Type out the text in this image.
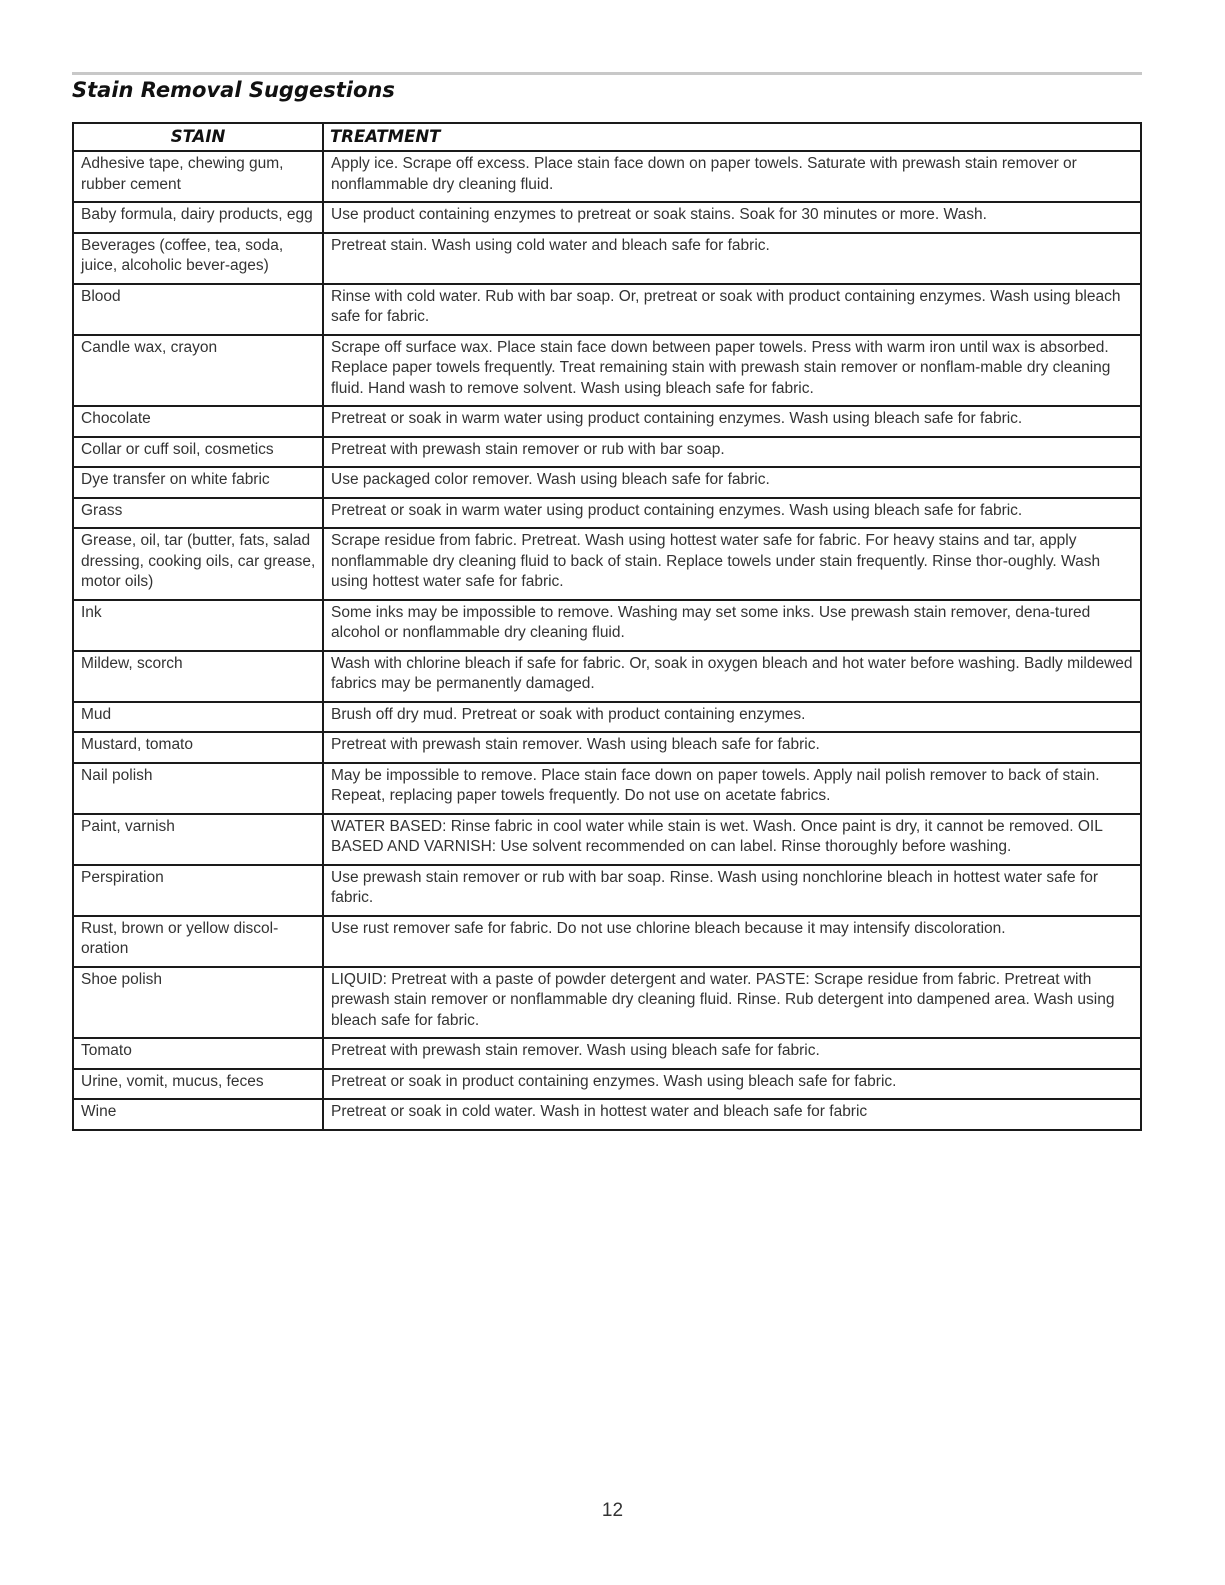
Stain Removal Suggestions
STAIN	TREATMENT
Adhesive tape, chewing gum, rubber cement	Apply ice. Scrape off excess. Place stain face down on paper towels. Saturate with prewash stain remover or nonflammable dry cleaning fluid.
Baby formula, dairy products, egg	Use product containing enzymes to pretreat or soak stains. Soak for 30 minutes or more. Wash.
Beverages (coffee, tea, soda, juice, alcoholic bever-ages)	Pretreat stain. Wash using cold water and bleach safe for fabric.
Blood	Rinse with cold water. Rub with bar soap. Or, pretreat or soak with product containing enzymes. Wash using bleach safe for fabric.
Candle wax, crayon	Scrape off surface wax. Place stain face down between paper towels. Press with warm iron until wax is absorbed. Replace paper towels frequently. Treat remaining stain with prewash stain remover or nonflam-mable dry cleaning fluid. Hand wash to remove solvent. Wash using bleach safe for fabric.
Chocolate	Pretreat or soak in warm water using product containing enzymes. Wash using bleach safe for fabric.
Collar or cuff soil, cosmetics	Pretreat with prewash stain remover or rub with bar soap.
Dye transfer on white fabric	Use packaged color remover. Wash using bleach safe for fabric.
Grass	Pretreat or soak in warm water using product containing enzymes. Wash using bleach safe for fabric.
Grease, oil, tar (butter, fats, salad dressing, cooking oils, car grease, motor oils)	Scrape residue from fabric. Pretreat. Wash using hottest water safe for fabric. For heavy stains and tar, apply nonflammable dry cleaning fluid to back of stain. Replace towels under stain frequently. Rinse thor-oughly. Wash using hottest water safe for fabric.
Ink	Some inks may be impossible to remove. Washing may set some inks. Use prewash stain remover, dena-tured alcohol or nonflammable dry cleaning fluid.
Mildew, scorch	Wash with chlorine bleach if safe for fabric. Or, soak in oxygen bleach and hot water before washing. Badly mildewed fabrics may be permanently damaged.
Mud	Brush off dry mud. Pretreat or soak with product containing enzymes.
Mustard, tomato	Pretreat with prewash stain remover. Wash using bleach safe for fabric.
Nail polish	May be impossible to remove. Place stain face down on paper towels. Apply nail polish remover to back of stain. Repeat, replacing paper towels frequently. Do not use on acetate fabrics.
Paint, varnish	WATER BASED: Rinse fabric in cool water while stain is wet. Wash. Once paint is dry, it cannot be removed. OIL BASED AND VARNISH: Use solvent recommended on can label. Rinse thoroughly before washing.
Perspiration	Use prewash stain remover or rub with bar soap. Rinse. Wash using nonchlorine bleach in hottest water safe for fabric.
Rust, brown or yellow discol-oration	Use rust remover safe for fabric. Do not use chlorine bleach because it may intensify discoloration.
Shoe polish	LIQUID: Pretreat with a paste of powder detergent and water. PASTE: Scrape residue from fabric. Pretreat with prewash stain remover or nonflammable dry cleaning fluid. Rinse. Rub detergent into dampened area. Wash using bleach safe for fabric.
Tomato	Pretreat with prewash stain remover. Wash using bleach safe for fabric.
Urine, vomit, mucus, feces	Pretreat or soak in product containing enzymes. Wash using bleach safe for fabric.
Wine	Pretreat or soak in cold water. Wash in hottest water and bleach safe for fabric
12
